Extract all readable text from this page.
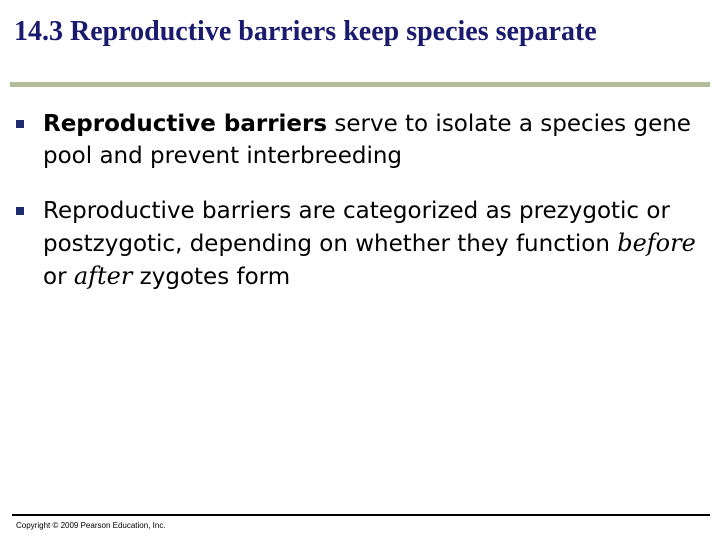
14.3 Reproductive barriers keep species separate
Reproductive barriers serve to isolate a species gene pool and prevent interbreeding
Reproductive barriers are categorized as prezygotic or postzygotic, depending on whether they function before or after zygotes form
Copyright © 2009 Pearson Education, Inc.
